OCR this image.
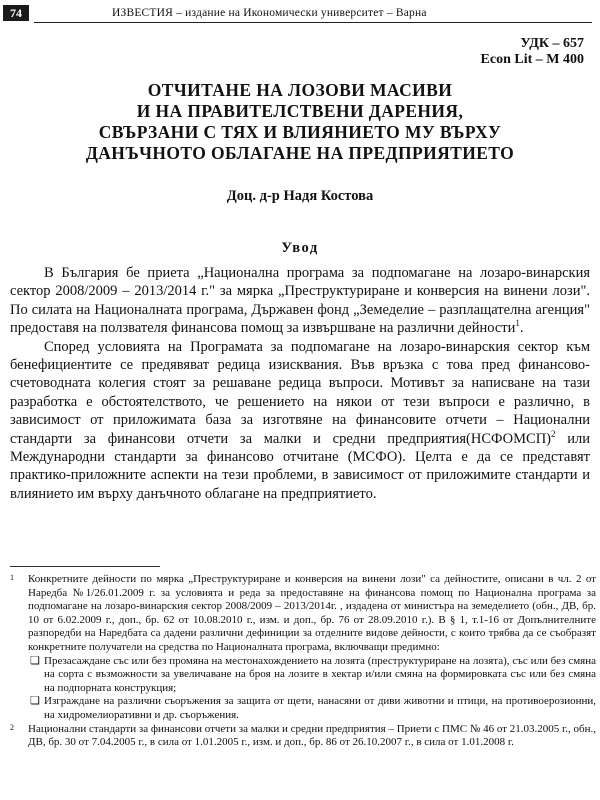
74	ИЗВЕСТИЯ – издание на Икономически университет – Варна
УДК – 657
Econ Lit – M 400
ОТЧИТАНЕ НА ЛОЗОВИ МАСИВИ
И НА ПРАВИТЕЛСТВЕНИ ДАРЕНИЯ,
СВЪРЗАНИ С ТЯХ И ВЛИЯНИЕТО МУ ВЪРХУ
ДАНЪЧНОТО ОБЛАГАНЕ НА ПРЕДПРИЯТИЕТО
Доц. д-р Надя Костова
Увод

В България бе приета „Национална програма за подпомагане на лозаро-винарския сектор 2008/2009 – 2013/2014 г." за мярка „Преструктуриране и конверсия на винени лози". По силата на Националната програма, Държавен фонд „Земеделие – разплащателна агенция" предоставя на ползвателя финансова помощ за извършване на различни дейности$^1$.

Според условията на Програмата за подпомагане на лозаро-винарския сектор към бенефициентите се предявяват редица изисквания. Във връзка с това пред финансово-счетоводната колегия стоят за решаване редица въпроси. Мотивът за написване на тази разработка е обстоятелството, че решението на някои от тези въпроси е различно, в зависимост от приложимата база за изготвяне на финансовите отчети – Национални стандарти за финансови отчети за малки и средни предприятия(НСФОМСП)$^2$ или Международни стандарти за финансово отчитане (МСФО). Целта е да се представят практико-приложните аспекти на тези проблеми, в зависимост от приложимите стандарти и влиянието им върху данъчното облагане на предприятието.

1 Конкретните дейности по мярка „Преструктуриране и конверсия на винени лози" са дейностите, описани в чл. 2 от Наредба №1/26.01.2009 г. за условията и реда за предоставяне на финансова помощ по Национална програма за подпомагане на лозаро-винарския сектор 2008/2009 – 2013/2014г. , издадена от министъра на земеделието (обн., ДВ, бр. 10 от 6.02.2009 г., доп., бр. 62 от 10.08.2010 г., изм. и доп., бр. 76 от 28.09.2010 г.). В § 1, т.1-16 от Допълнителните разпоредби на Наредбата са дадени различни дефиниции за отделните видове дейности, с които трябва да се съобразят конкретните получатели на средства по Националната програма, включващи предимно:
❏ Презасаждане със или без промяна на местонахождението на лозята (преструктуриране на лозята), със или без смяна на сорта с възможности за увеличаване на броя на лозите в хектар и/или смяна на формировката със или без смяна на подпорната конструкция;
❏ Изграждане на различни съоръжения за защита от щети, нанасяни от диви животни и птици, на противоерозионни, на хидромелиоративни и др. съоръжения.
2 Национални стандарти за финансови отчети за малки и средни предприятия – Приети с ПМС № 46 от 21.03.2005 г., обн., ДВ, бр. 30 от 7.04.2005 г., в сила от 1.01.2005 г., изм. и доп., бр. 86 от 26.10.2007 г., в сила от 1.01.2008 г.
